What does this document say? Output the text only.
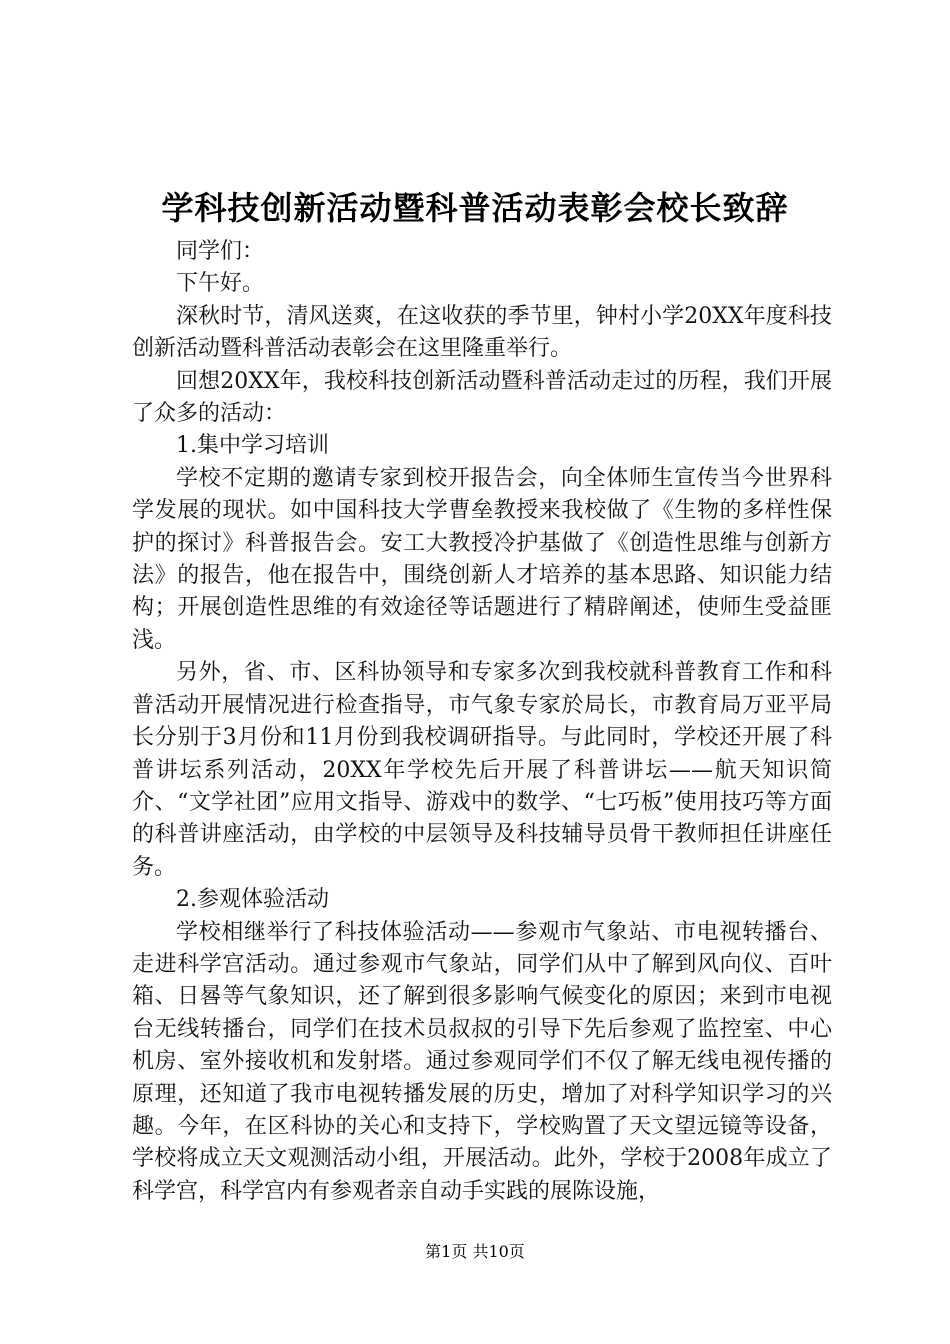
学科技创新活动暨科普活动表彰会校长致辞

同学们：

下午好。

深秋时节，清风送爽，在这收获的季节里，钟村小学20XX年度科技创新活动暨科普活动表彰会在这里隆重举行。

回想20XX年，我校科技创新活动暨科普活动走过的历程，我们开展了众多的活动：

1.集中学习培训

学校不定期的邀请专家到校开报告会，向全体师生宣传当今世界科学发展的现状。如中国科技大学曹垒教授来我校做了《生物的多样性保护的探讨》科普报告会。安工大教授冷护基做了《创造性思维与创新方法》的报告，他在报告中，围绕创新人才培养的基本思路、知识能力结构；开展创造性思维的有效途径等话题进行了精辟阐述，使师生受益匪浅。

另外，省、市、区科协领导和专家多次到我校就科普教育工作和科普活动开展情况进行检查指导，市气象专家於局长，市教育局万亚平局长分别于3月份和11月份到我校调研指导。与此同时，学校还开展了科普讲坛系列活动，20XX年学校先后开展了科普讲坛——航天知识简介、“文学社团”应用文指导、游戏中的数学、“七巧板”使用技巧等方面的科普讲座活动，由学校的中层领导及科技辅导员骨干教师担任讲座任务。

2.参观体验活动

学校相继举行了科技体验活动——参观市气象站、市电视转播台、走进科学宫活动。通过参观市气象站，同学们从中了解到风向仪、百叶箱、日晷等气象知识，还了解到很多影响气候变化的原因；来到市电视台无线转播台，同学们在技术员叔叔的引导下先后参观了监控室、中心机房、室外接收机和发射塔。通过参观同学们不仅了解无线电视传播的原理，还知道了我市电视转播发展的历史，增加了对科学知识学习的兴趣。今年，在区科协的关心和支持下，学校购置了天文望远镜等设备，学校将成立天文观测活动小组，开展活动。此外，学校于2008年成立了科学宫，科学宫内有参观者亲自动手实践的展陈设施，

第1页 共10页
